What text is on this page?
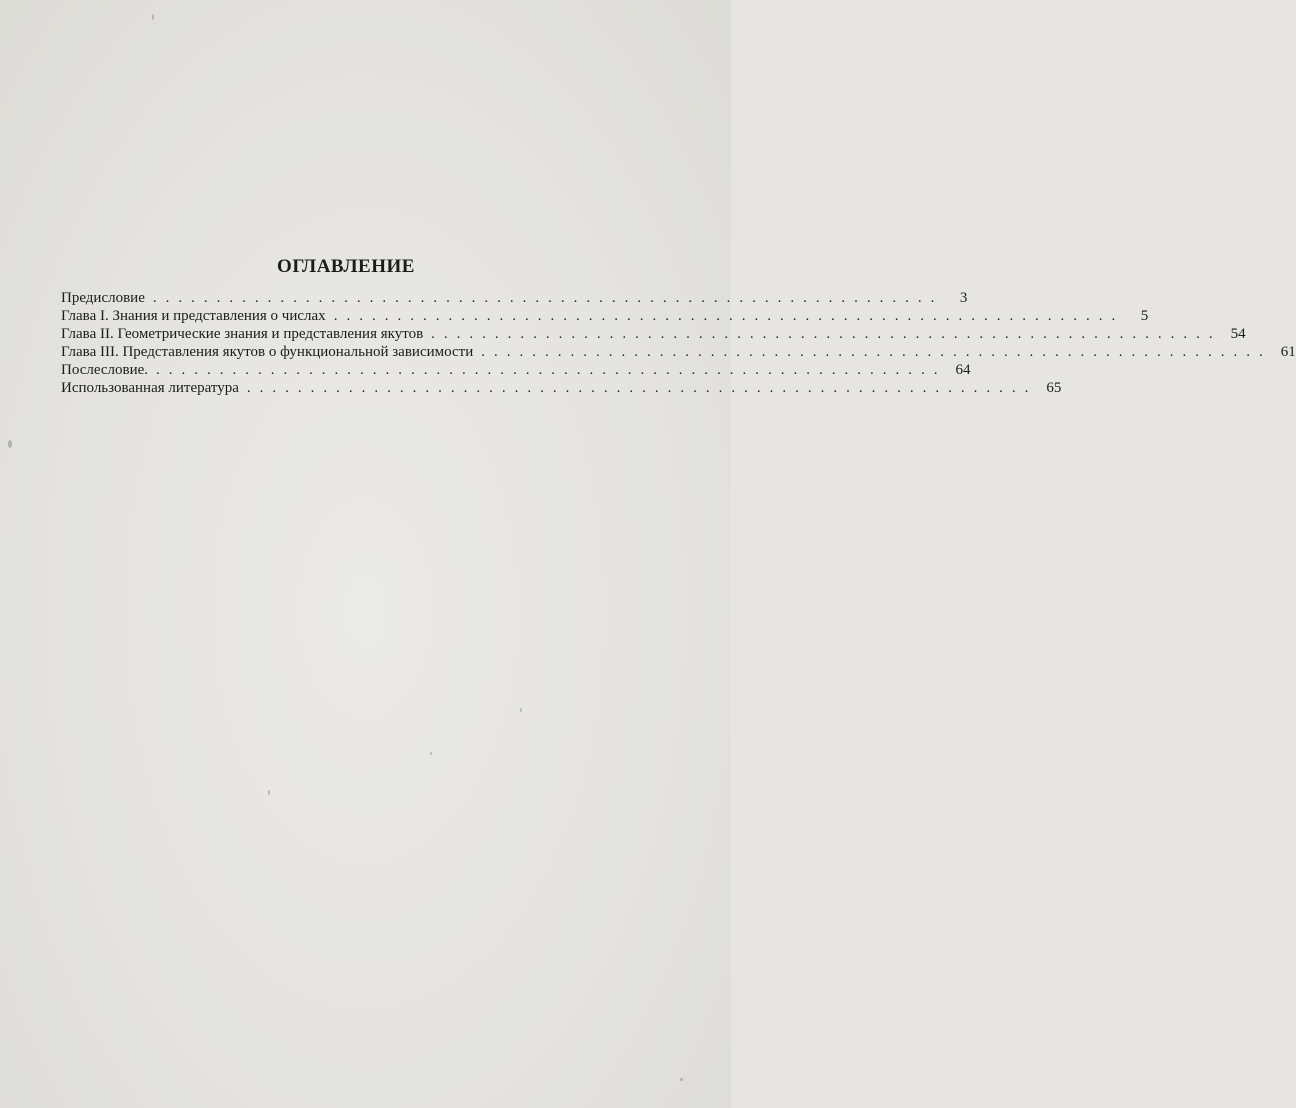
ОГЛАВЛЕНИЕ
Предисловие ..............................................................	3
Глава I. Знания и представления о числах ..............................................................	5
Глава II. Геометрические знания и представления якутов .............................................................. 54
Глава III. Представления якутов о функциональной зависимости .............................................................. 61
Послесловие. .............................................................. 64
Использованная литература .............................................................. 65
